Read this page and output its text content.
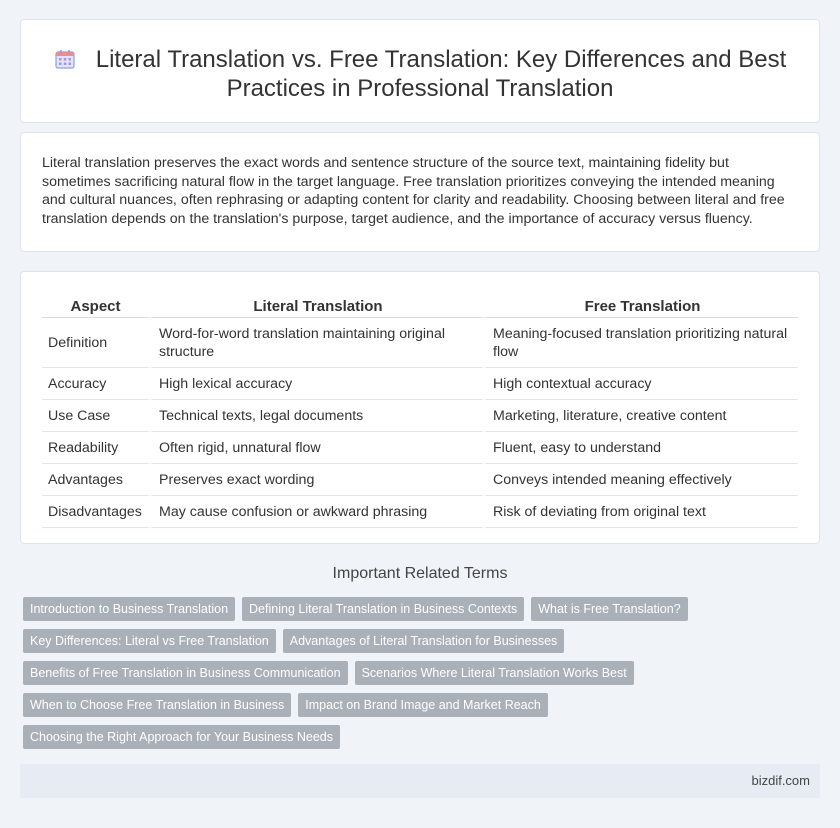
Literal Translation vs. Free Translation: Key Differences and Best Practices in Professional Translation

Literal translation preserves the exact words and sentence structure of the source text, maintaining fidelity but sometimes sacrificing natural flow in the target language. Free translation prioritizes conveying the intended meaning and cultural nuances, often rephrasing or adapting content for clarity and readability. Choosing between literal and free translation depends on the translation's purpose, target audience, and the importance of accuracy versus fluency.

Aspect	Literal Translation	Free Translation
Definition	Word-for-word translation maintaining original structure	Meaning-focused translation prioritizing natural flow
Accuracy	High lexical accuracy	High contextual accuracy
Use Case	Technical texts, legal documents	Marketing, literature, creative content
Readability	Often rigid, unnatural flow	Fluent, easy to understand
Advantages	Preserves exact wording	Conveys intended meaning effectively
Disadvantages	May cause confusion or awkward phrasing	Risk of deviating from original text
Important Related Terms
Introduction to Business Translation	Defining Literal Translation in Business Contexts	What is Free Translation?
Key Differences: Literal vs Free Translation	Advantages of Literal Translation for Businesses
Benefits of Free Translation in Business Communication	Scenarios Where Literal Translation Works Best
When to Choose Free Translation in Business	Impact on Brand Image and Market Reach
Choosing the Right Approach for Your Business Needs
bizdif.com
